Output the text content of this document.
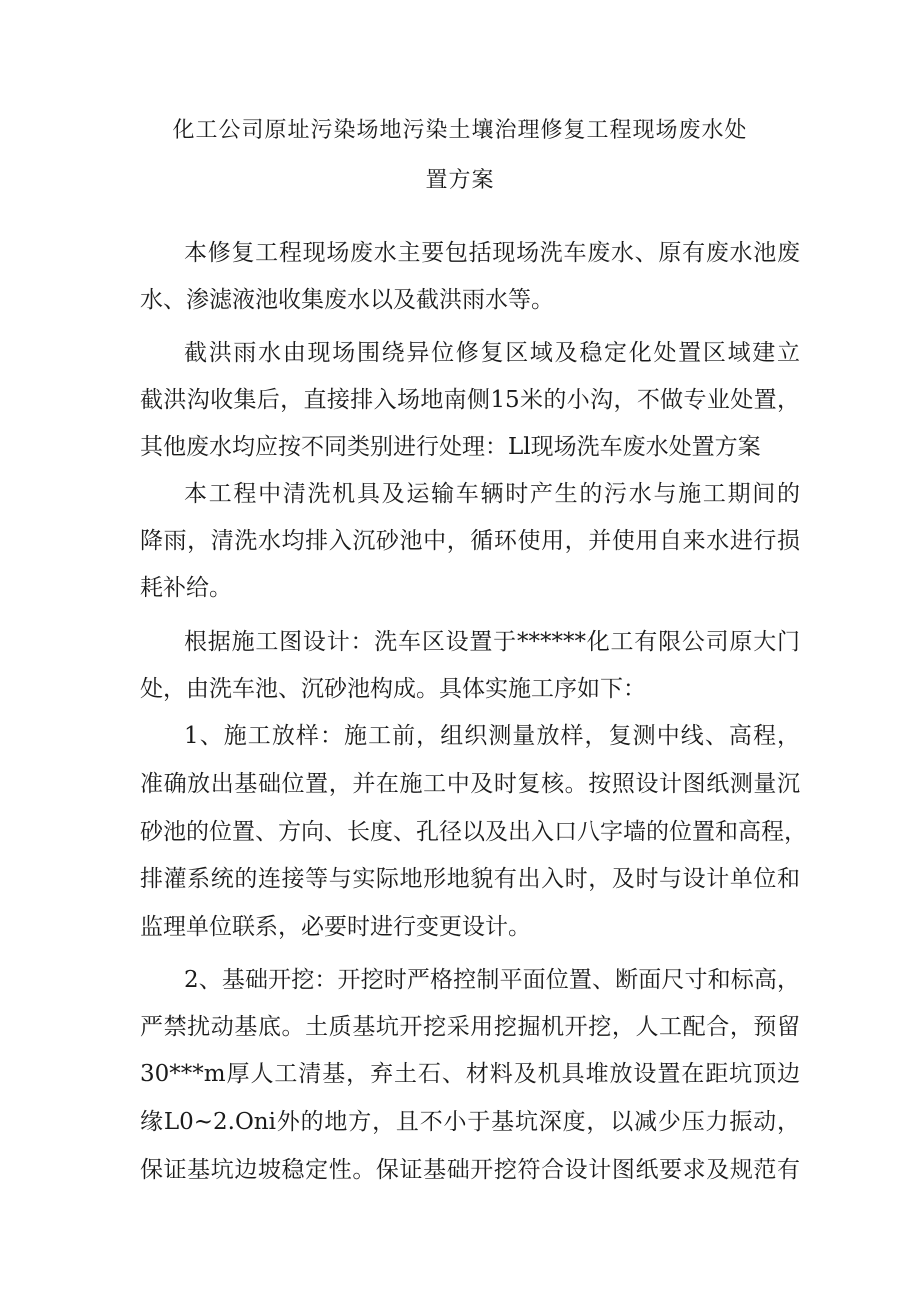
化工公司原址污染场地污染土壤治理修复工程现场废水处
置方案
本修复工程现场废水主要包括现场洗车废水、原有废水池废
水、渗滤液池收集废水以及截洪雨水等。
截洪雨水由现场围绕异位修复区域及稳定化处置区域建立
截洪沟收集后，直接排入场地南侧15米的小沟，不做专业处置，
其他废水均应按不同类别进行处理：Ll现场洗车废水处置方案
本工程中清洗机具及运输车辆时产生的污水与施工期间的
降雨，清洗水均排入沉砂池中，循环使用，并使用自来水进行损
耗补给。
根据施工图设计：洗车区设置于******化工有限公司原大门
处，由洗车池、沉砂池构成。具体实施工序如下：
1、施工放样：施工前，组织测量放样，复测中线、高程，
准确放出基础位置，并在施工中及时复核。按照设计图纸测量沉
砂池的位置、方向、长度、孔径以及出入口八字墙的位置和高程，
排灌系统的连接等与实际地形地貌有出入时，及时与设计单位和
监理单位联系，必要时进行变更设计。
2、基础开挖：开挖时严格控制平面位置、断面尺寸和标高，
严禁扰动基底。土质基坑开挖采用挖掘机开挖，人工配合，预留
30***m厚人工清基，弃土石、材料及机具堆放设置在距坑顶边
缘L0~2.Oni外的地方，且不小于基坑深度，以减少压力振动，
保证基坑边坡稳定性。保证基础开挖符合设计图纸要求及规范有
